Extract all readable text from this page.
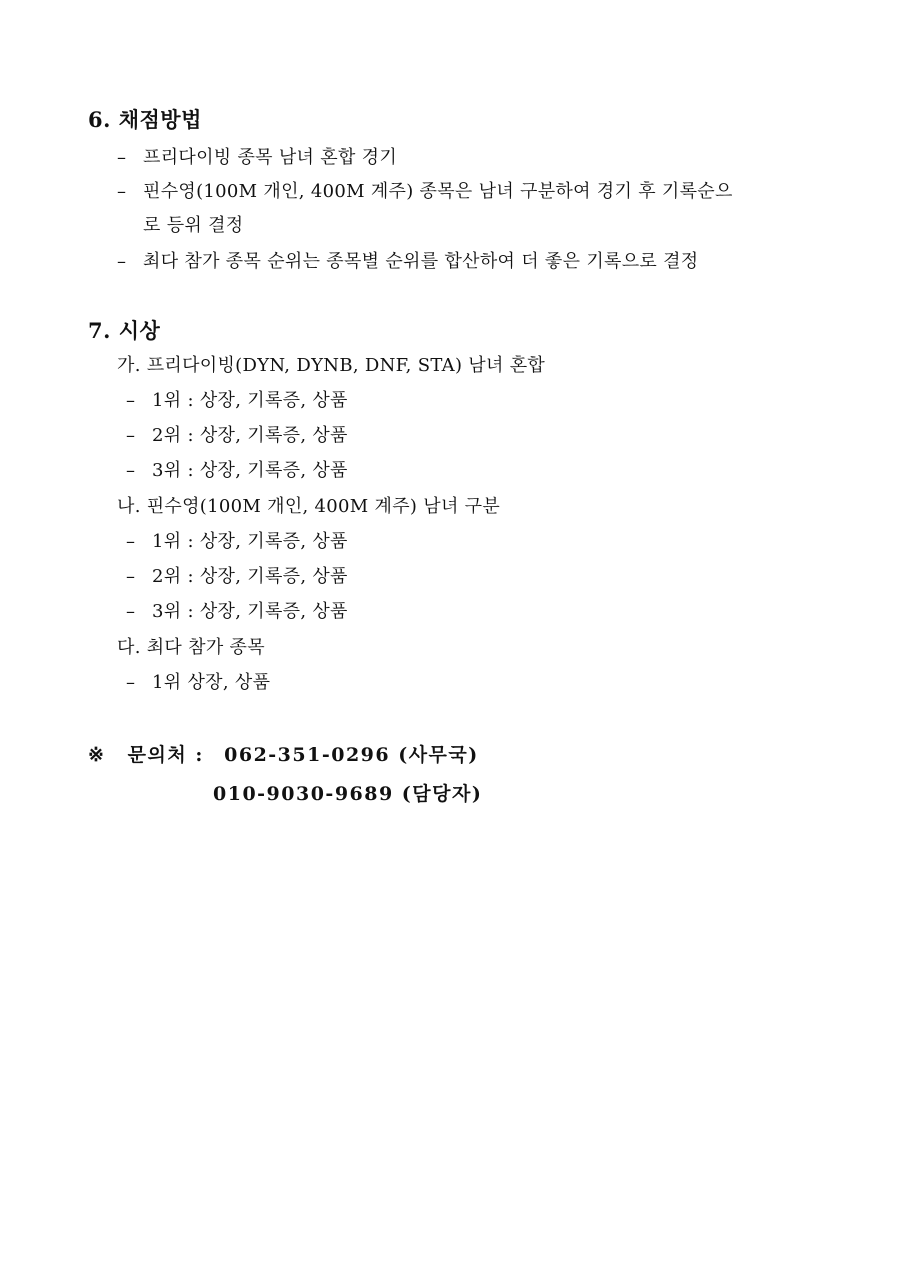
6. 채점방법
– 프리다이빙 종목 남녀 혼합 경기
– 핀수영(100M 개인, 400M 계주) 종목은 남녀 구분하여 경기 후 기록순으
로 등위 결정
– 최다 참가 종목 순위는 종목별 순위를 합산하여 더 좋은 기록으로 결정
7. 시상
가. 프리다이빙(DYN, DYNB, DNF, STA) 남녀 혼합
– 1위 : 상장, 기록증, 상품
– 2위 : 상장, 기록증, 상품
– 3위 : 상장, 기록증, 상품
나. 핀수영(100M 개인, 400M 계주) 남녀 구분
– 1위 : 상장, 기록증, 상품
– 2위 : 상장, 기록증, 상품
– 3위 : 상장, 기록증, 상품
다. 최다 참가 종목
– 1위 상장, 상품
※ 문의처 : 062-351-0296 (사무국)
010-9030-9689 (담당자)
